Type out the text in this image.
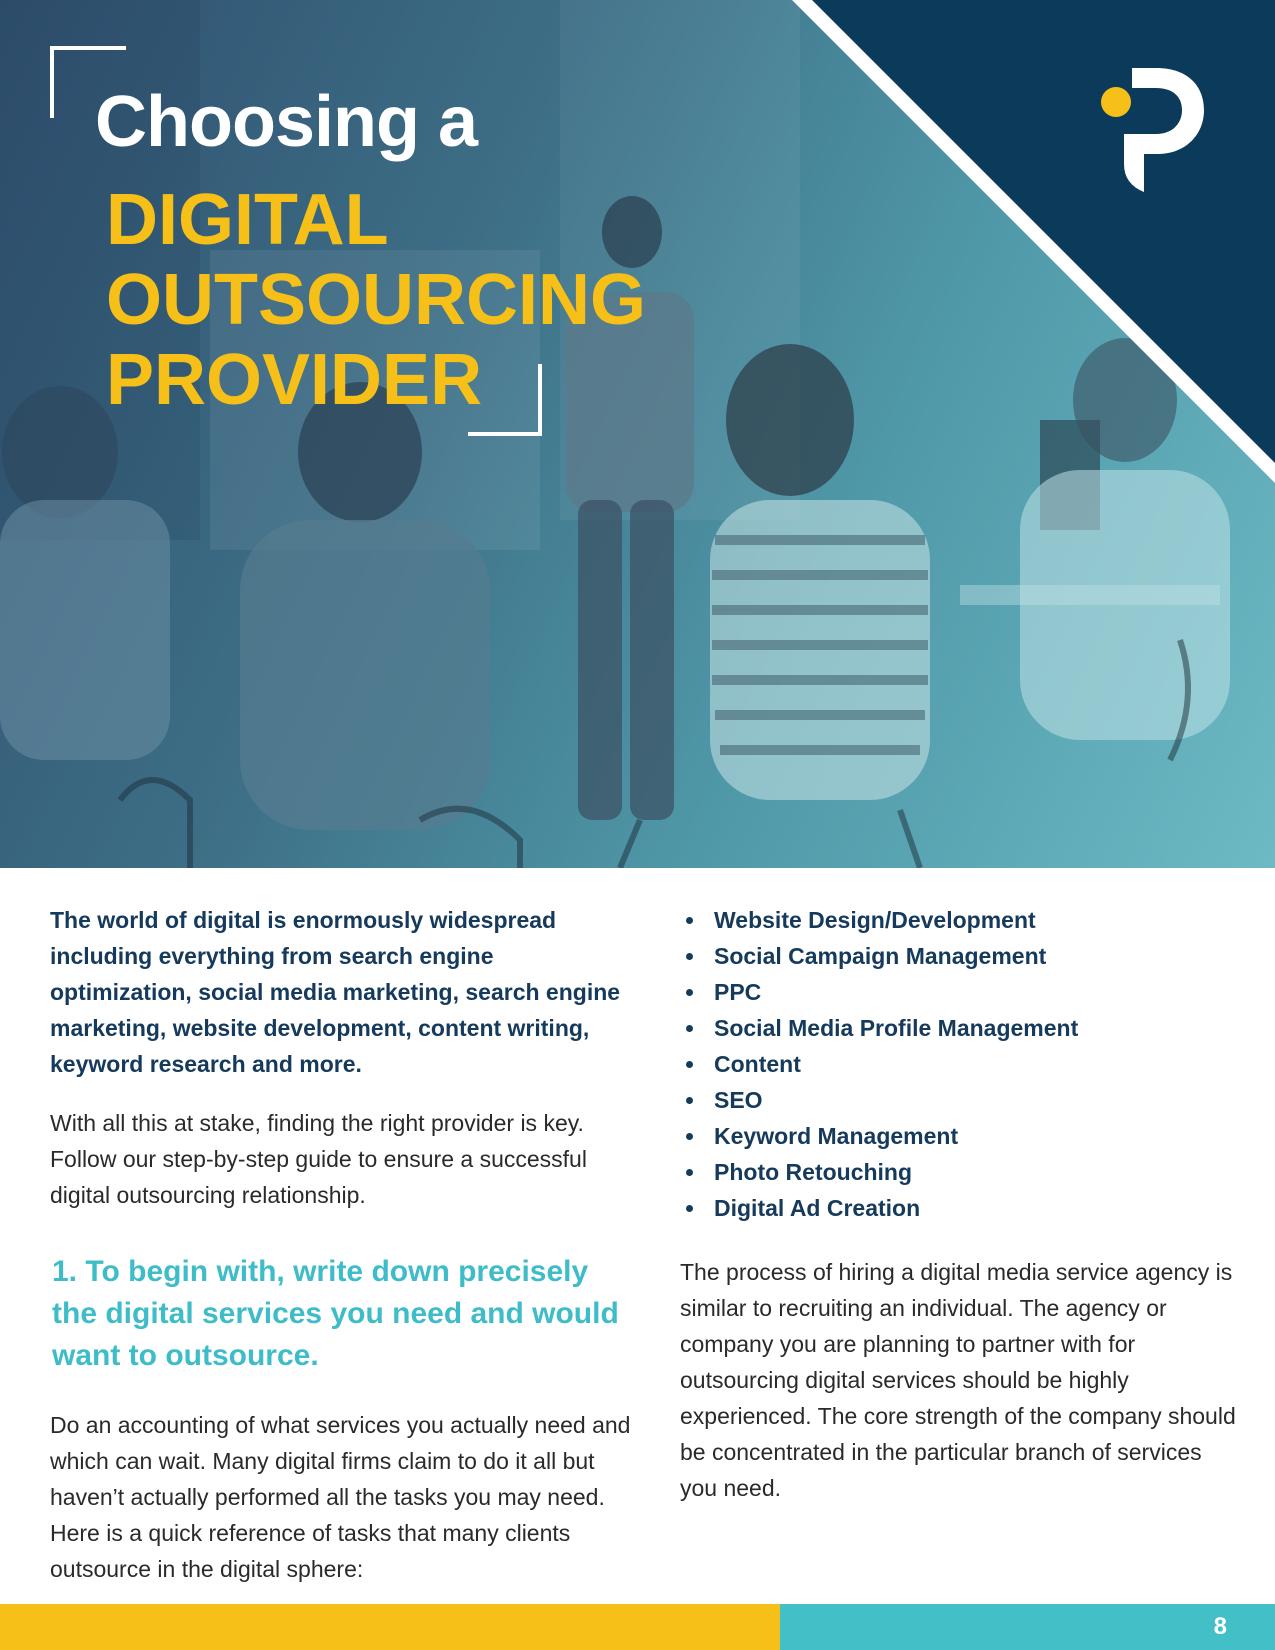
Choosing a
DIGITAL
OUTSOURCING
PROVIDER

The world of digital is enormously widespread including everything from search engine optimization, social media marketing, search engine marketing, website development, content writing, keyword research and more.

With all this at stake, finding the right provider is key. Follow our step-by-step guide to ensure a successful digital outsourcing relationship.

1. To begin with, write down precisely the digital services you need and would want to outsource.

Do an accounting of what services you actually need and which can wait. Many digital firms claim to do it all but haven’t actually performed all the tasks you may need. Here is a quick reference of tasks that many clients outsource in the digital sphere:

Website Design/Development
Social Campaign Management
PPC
Social Media Profile Management
Content
SEO
Keyword Management
Photo Retouching
Digital Ad Creation

The process of hiring a digital media service agency is similar to recruiting an individual. The agency or company you are planning to partner with for outsourcing digital services should be highly experienced. The core strength of the company should be concentrated in the particular branch of services you need.

8
